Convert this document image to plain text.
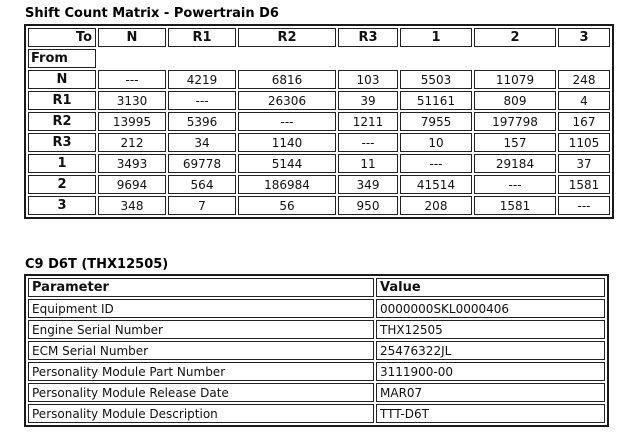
Shift Count Matrix - Powertrain D6
To	N	R1	R2	R3	1	2	3
From							
N	---	4219	6816	103	5503	11079	248
R1	3130	---	26306	39	51161	809	4
R2	13995	5396	---	1211	7955	197798	167
R3	212	34	1140	---	10	157	1105
1	3493	69778	5144	11	---	29184	37
2	9694	564	186984	349	41514	---	1581
3	348	7	56	950	208	1581	---
C9 D6T (THX12505)
Parameter	Value
Equipment ID	0000000SKL0000406
Engine Serial Number	THX12505
ECM Serial Number	25476322JL
Personality Module Part Number	3111900-00
Personality Module Release Date	MAR07
Personality Module Description	TTT-D6T
